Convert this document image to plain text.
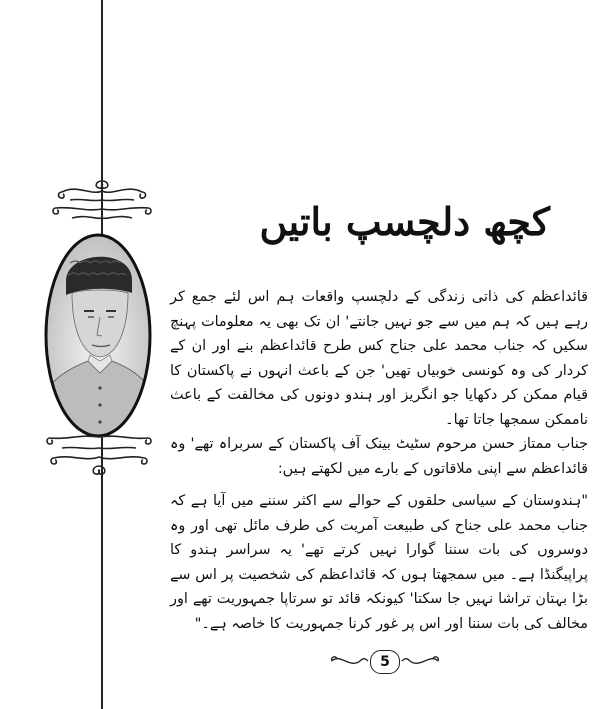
کچھ دلچسپ باتیں

قائداعظم کی ذاتی زندگی کے دلچسپ واقعات ہم اس لئے جمع کر رہے ہیں کہ ہم میں سے جو نہیں جانتے' ان تک بھی یہ معلومات پہنچ سکیں کہ جناب محمد علی جناح کس طرح قائداعظم بنے اور ان کے کردار کی وہ کونسی خوبیاں تھیں' جن کے باعث انہوں نے پاکستان کا قیام ممکن کر دکھایا جو انگریز اور ہندو دونوں کی مخالفت کے باعث ناممکن سمجھا جاتا تھا۔

جناب ممتاز حسن مرحوم سٹیٹ بینک آف پاکستان کے سربراہ تھے' وہ قائداعظم سے اپنی ملاقاتوں کے بارے میں لکھتے ہیں:

"ہندوستان کے سیاسی حلقوں کے حوالے سے اکثر سننے میں آیا ہے کہ جناب محمد علی جناح کی طبیعت آمریت کی طرف مائل تھی اور وہ دوسروں کی بات سننا گوارا نہیں کرتے تھے' یہ سراسر ہندو کا پراپیگنڈا ہے۔ میں سمجھتا ہوں کہ قائداعظم کی شخصیت پر اس سے بڑا بہتان تراشا نہیں جا سکتا' کیونکہ قائد تو سرتاپا جمہوریت تھے اور مخالف کی بات سننا اور اس پر غور کرنا جمہوریت کا خاصہ ہے۔"

5
